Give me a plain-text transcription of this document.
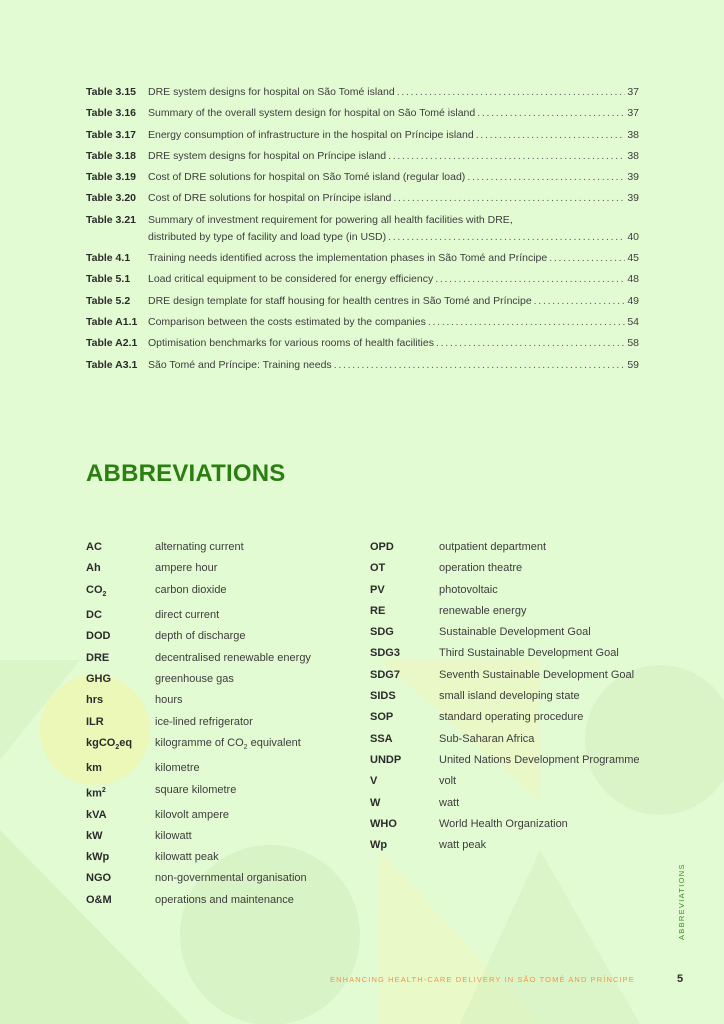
Table 3.15	DRE system designs for hospital on São Tomé island . . .	37
Table 3.16	Summary of the overall system design for hospital on São Tomé island . . .	37
Table 3.17	Energy consumption of infrastructure in the hospital on Príncipe island . . .	38
Table 3.18	DRE system designs for hospital on Príncipe island . . .	38
Table 3.19	Cost of DRE solutions for hospital on São Tomé island (regular load) . . .	39
Table 3.20	Cost of DRE solutions for hospital on Príncipe island . . .	39
Table 3.21	Summary of investment requirement for powering all health facilities with DRE,
distributed by type of facility and load type (in USD) . . .	40
Table 4.1	Training needs identified across the implementation phases in São Tomé and Príncipe . . .	45
Table 5.1	Load critical equipment to be considered for energy efficiency . . .	48
Table 5.2	DRE design template for staff housing for health centres in São Tomé and Príncipe . . .	49
Table A1.1	Comparison between the costs estimated by the companies . . .	54
Table A2.1	Optimisation benchmarks for various rooms of health facilities . . .	58
Table A3.1	São Tomé and Príncipe: Training needs . . .	59
ABBREVIATIONS
AC	alternating current
Ah	ampere hour
$CO_2$	carbon dioxide
DC	direct current
DOD	depth of discharge
DRE	decentralised renewable energy
GHG	greenhouse gas
hrs	hours
ILR	ice-lined refrigerator
kgCO$_2$eq	kilogramme of $CO_2$ equivalent
km	kilometre
$km^2$	square kilometre
kVA	kilovolt ampere
kW	kilowatt
kWp	kilowatt peak
NGO	non-governmental organisation
O&M	operations and maintenance
OPD	outpatient department
OT	operation theatre
PV	photovoltaic
RE	renewable energy
SDG	Sustainable Development Goal
SDG3	Third Sustainable Development Goal
SDG7	Seventh Sustainable Development Goal
SIDS	small island developing state
SOP	standard operating procedure
SSA	Sub-Saharan Africa
UNDP	United Nations Development Programme
V	volt
W	watt
WHO	World Health Organization
Wp	watt peak
ABBREVIATIONS
ENHANCING HEALTH-CARE DELIVERY IN SÃO TOMÉ AND PRÍNCIPE	5
